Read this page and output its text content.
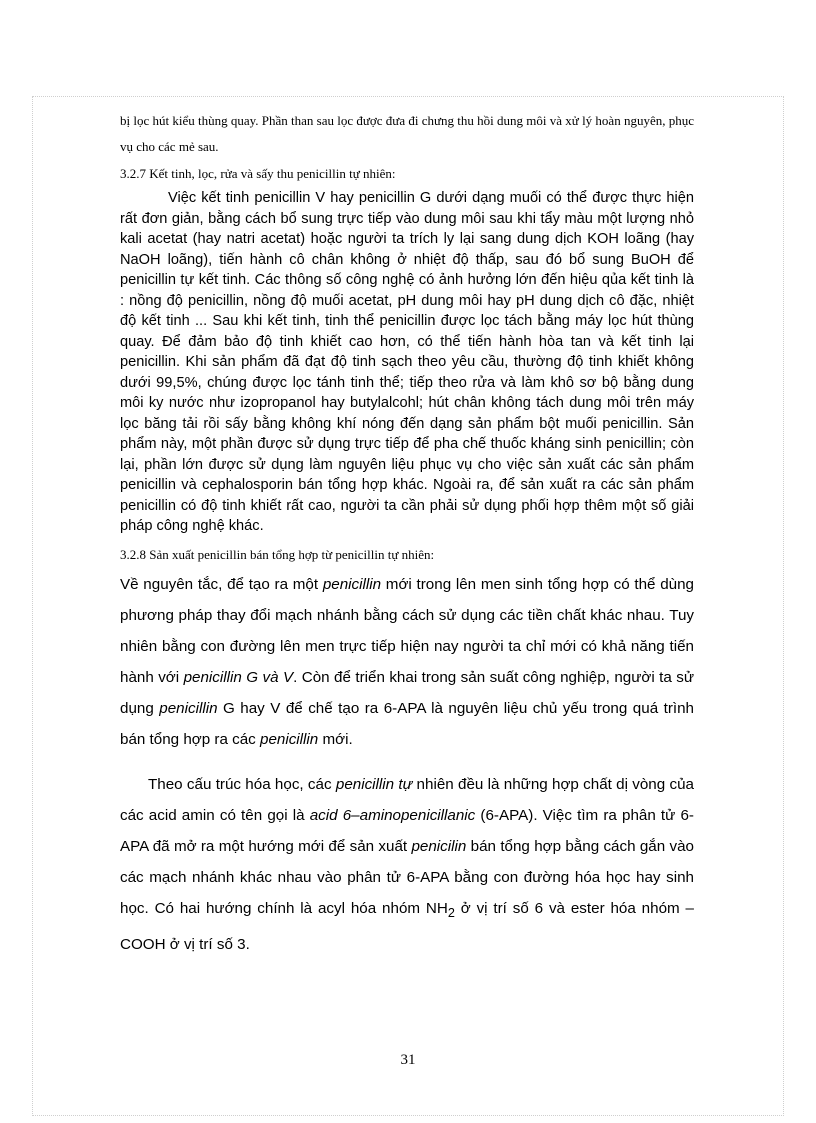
bị lọc hút kiểu thùng quay. Phần than sau lọc được đưa đi chưng thu hồi dung môi và xử lý hoàn nguyên, phục vụ cho các mẻ sau.

3.2.7 Kết tinh, lọc, rửa và sấy thu penicillin tự nhiên:

Việc kết tinh penicillin V hay penicillin G dưới dạng muối có thể được thực hiện rất đơn giản, bằng cách bổ sung trực tiếp vào dung môi sau khi tẩy màu một lượng nhỏ kali acetat (hay natri acetat) hoặc người ta trích ly lại sang dung dịch KOH loãng (hay NaOH loãng), tiến hành cô chân không ở nhiệt độ thấp, sau đó bổ sung BuOH để penicillin tự kết tinh. Các thông số công nghệ có ảnh hưởng lớn đến hiệu qủa kết tinh là : nồng độ penicillin, nồng độ muối acetat, pH dung môi hay pH dung dịch cô đặc, nhiệt độ kết tinh ... Sau khi kết tinh, tinh thể penicillin được lọc tách bằng máy lọc hút thùng quay. Để đảm bảo độ tinh khiết cao hơn, có thể tiến hành hòa tan và kết tinh lại penicillin. Khi sản phẩm đã đạt độ tinh sạch theo yêu cầu, thường độ tinh khiết không dưới 99,5%, chúng được lọc tánh tinh thể; tiếp theo rửa và làm khô sơ bộ bằng dung môi ky nước như izopropanol hay butylalcohl; hút chân không tách dung môi trên máy lọc băng tải rồi sấy bằng không khí nóng đến dạng sản phẩm bột muối penicillin. Sản phẩm này, một phần được sử dụng trực tiếp để pha chế thuốc kháng sinh penicillin; còn lại, phần lớn được sử dụng làm nguyên liệu phục vụ cho việc sản xuất các sản phẩm penicillin và cephalosporin bán tổng hợp khác. Ngoài ra, để sản xuất ra các sản phẩm penicillin có độ tinh khiết rất cao, người ta cần phải sử dụng phối hợp thêm một số giải pháp công nghệ khác.

3.2.8 Sản xuất penicillin bán tổng hợp từ penicillin tự nhiên:

Về nguyên tắc, để tạo ra một penicillin mới trong lên men sinh tổng hợp có thể dùng phương pháp thay đổi mạch nhánh bằng cách sử dụng các tiền chất khác nhau. Tuy nhiên bằng con đường lên men trực tiếp hiện nay người ta chỉ mới có khả năng tiến hành với penicillin G và V. Còn để triển khai trong sản suất công nghiệp, người ta sử dụng penicillin G hay V để chế tạo ra 6-APA là nguyên liệu chủ yếu trong quá trình bán tổng hợp ra các penicillin mới.

Theo cấu trúc hóa học, các penicillin tự nhiên đều là những hợp chất dị vòng của các acid amin có tên gọi là acid 6–aminopenicillanic (6-APA). Việc tìm ra phân tử 6-APA đã mở ra một hướng mới để sản xuất penicilin bán tổng hợp bằng cách gắn vào các mạch nhánh khác nhau vào phân tử 6-APA bằng con đường hóa học hay sinh học. Có hai hướng chính là acyl hóa nhóm $NH_2$ ở vị trí số 6 và ester hóa nhóm –COOH ở vị trí số 3.

31
